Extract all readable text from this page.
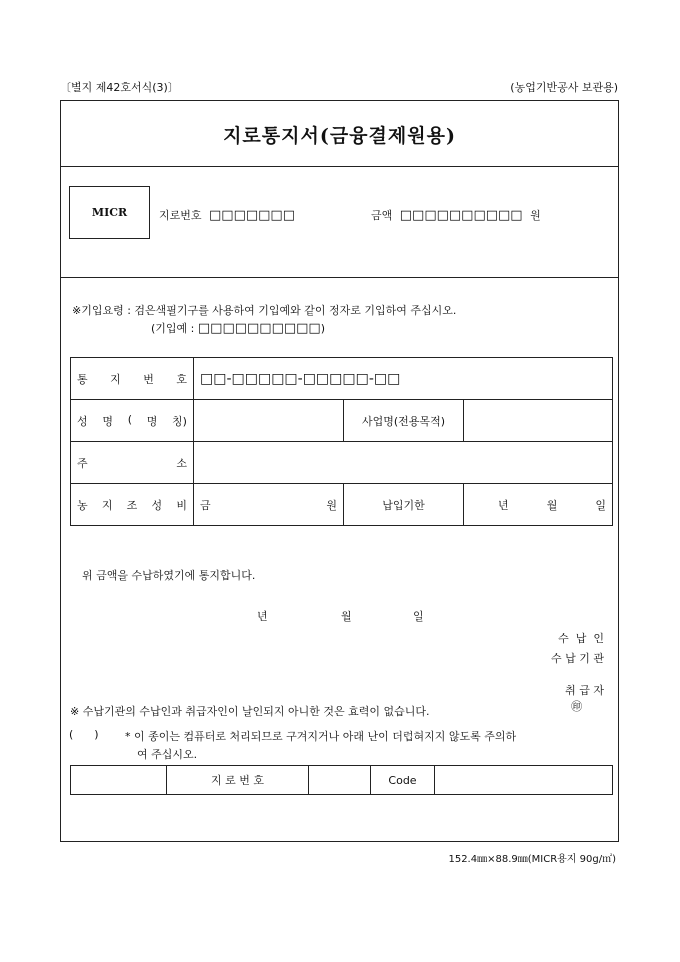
〔별지 제42호서식(3)〕	(농업기반공사 보관용)
지로통지서(금융결제원용)
MICR	지로번호 □□□□□□□	금액 □□□□□□□□□□ 원
※기입요령 : 검은색필기구를 사용하여 기입예와 같이 정자로 기입하여 주십시오.
(기입예 : □□□□□□□□□□)
통 지 번 호	□□-□□□□□-□□□□□-□□		

성 명 ( 명 칭)		사업명(전용목적)	

주 소			

농 지 조 성 비	금 원	납입기한	년 월 일
위 금액을 수납하였기에 통지합니다.
년	월	일
수  납  인
수 납 기 관

취 급 자
㊞

※ 수납기관의 수납인과 취급자인이 날인되지 아니한 것은 효력이 없습니다.
(      ) * 이 종이는 컴퓨터로 처리되므로 구겨지거나 아래 난이 더럽혀지지 않도록 주의하
여 주십시오.
	지 로 번 호		Code	
152.4㎜×88.9㎜(MICR용지 90g/㎡)
